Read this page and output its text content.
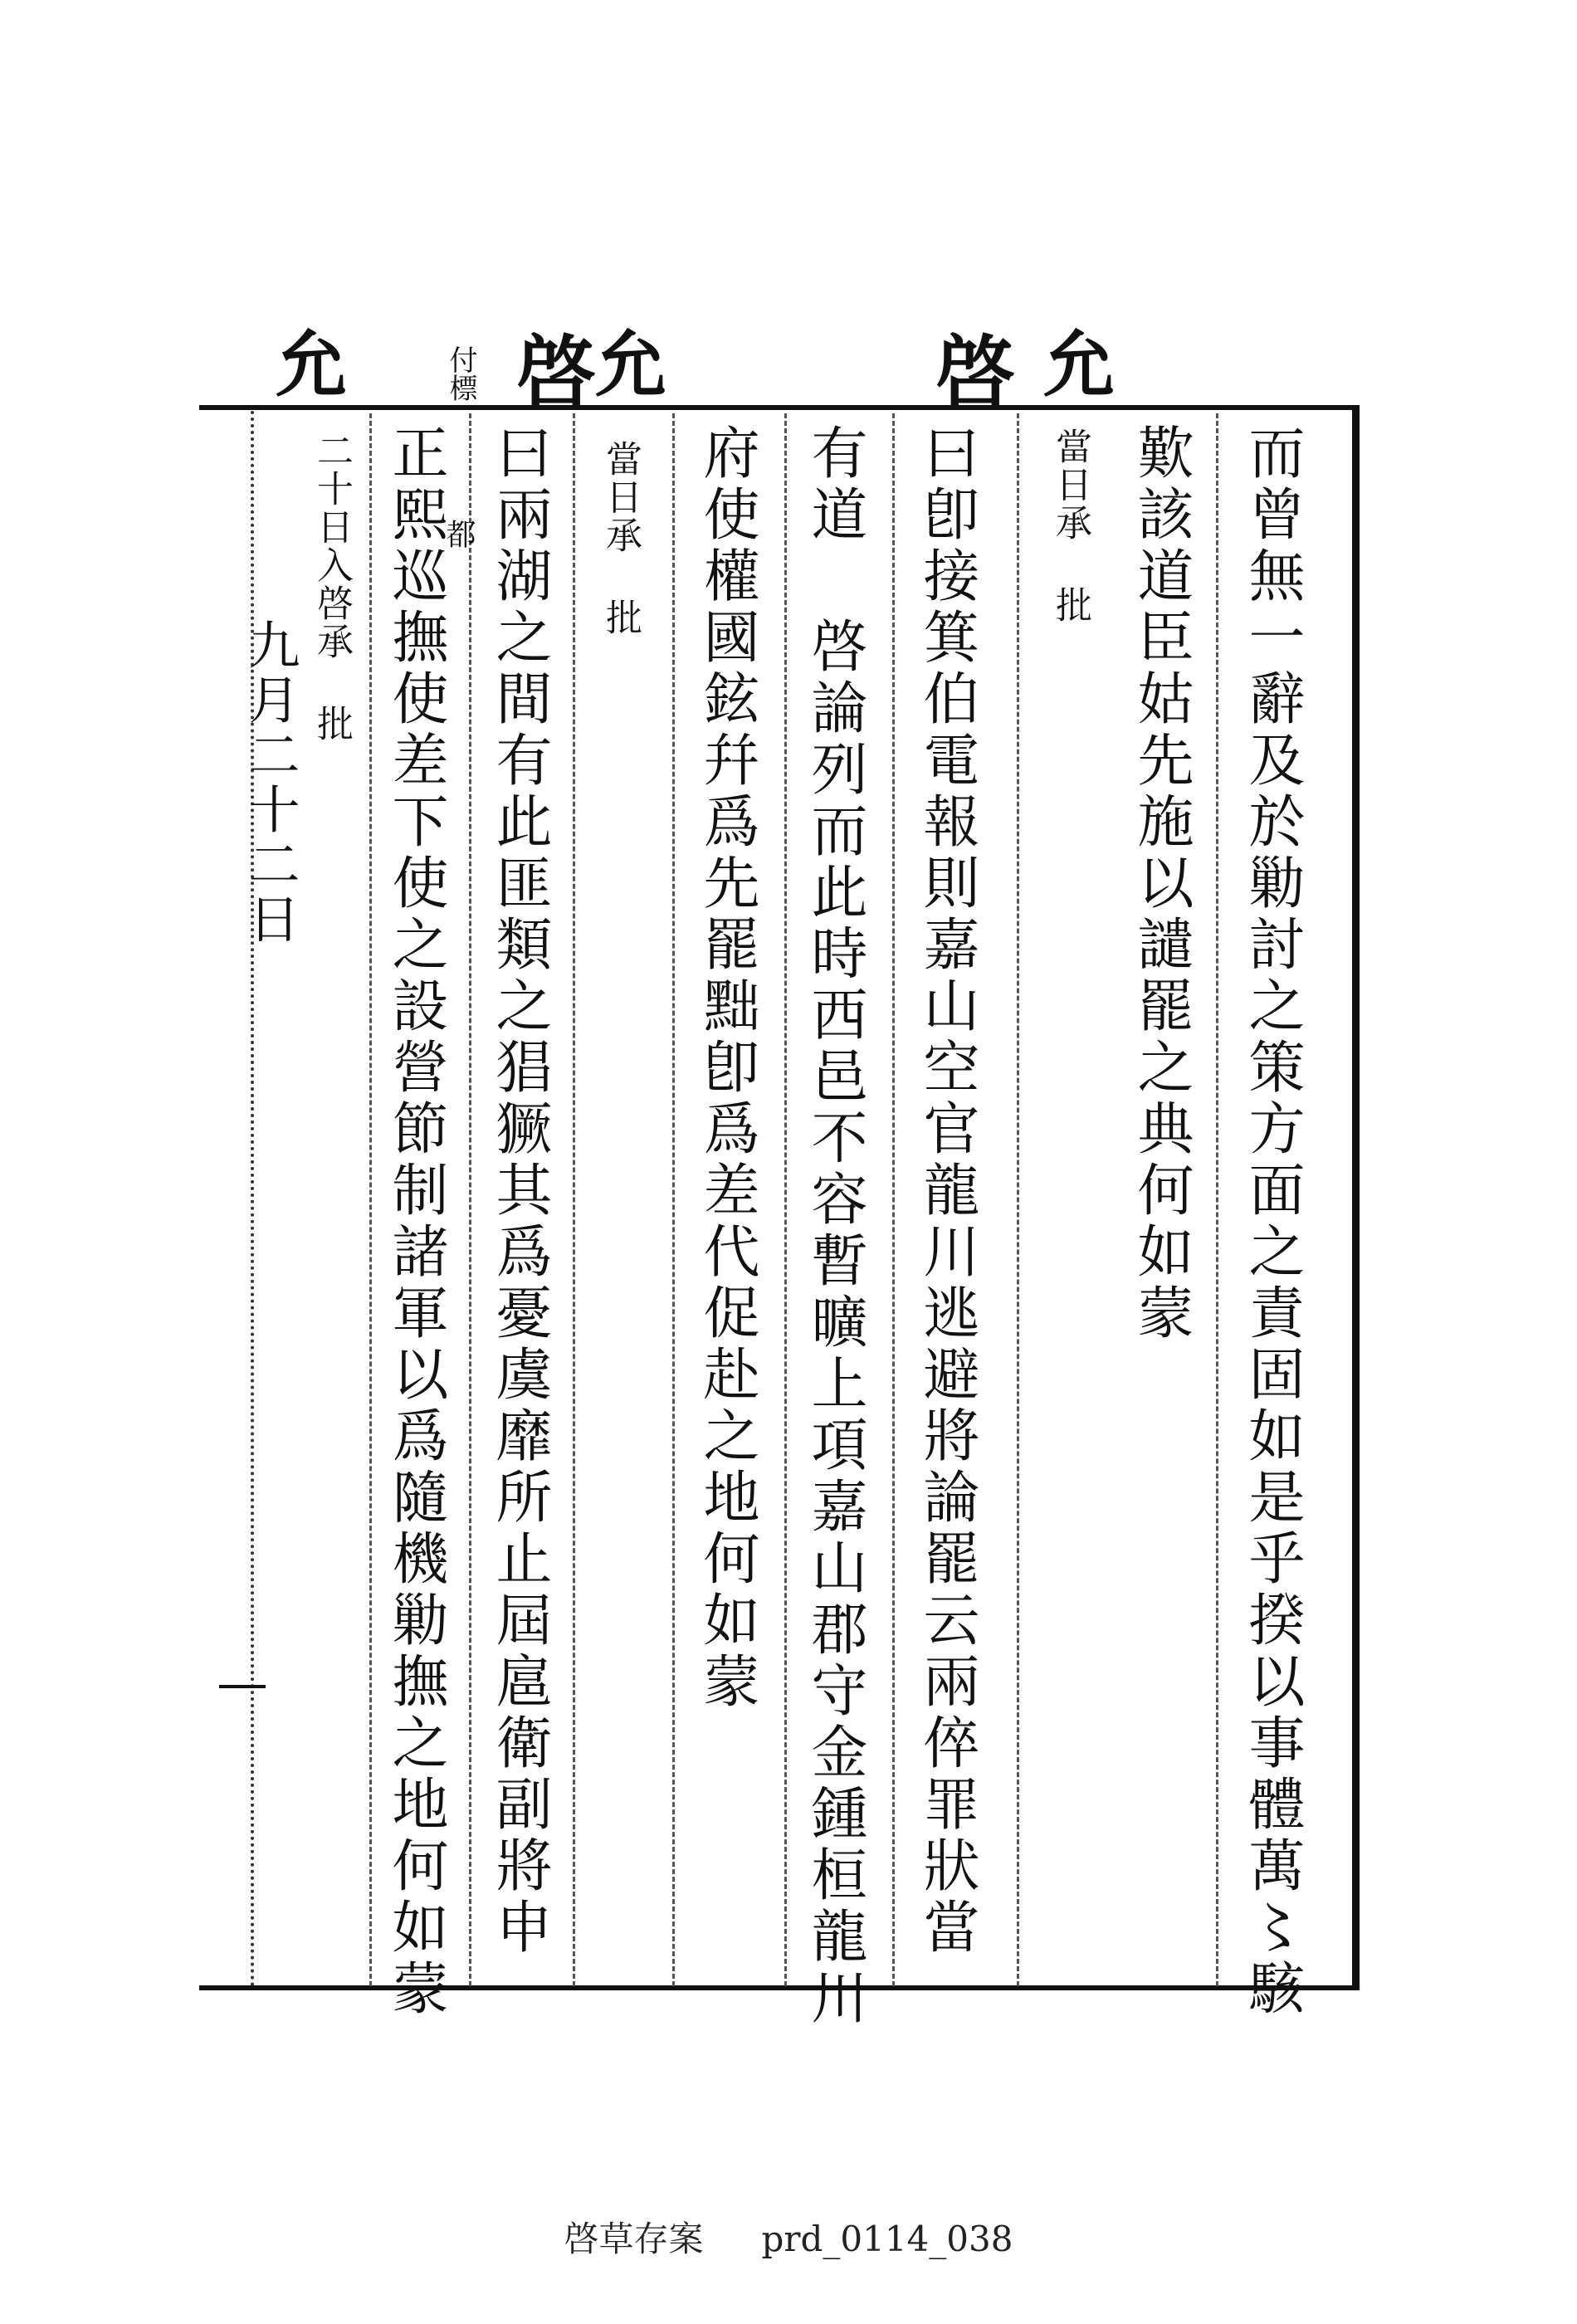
允
啓
允
啓
付標
允
而曾無一辭及於勦討之策方面之責固如是乎揆以事體萬〻駭
歎該道臣姑先施以譴罷之典何如蒙
當日承 批
曰卽接箕伯電報則嘉山空官龍川逃避將論罷云兩倅罪狀當
有道 啓論列而此時西邑不容暫曠上項嘉山郡守金鍾桓龍川
府使權國鉉幷爲先罷黜卽爲差代促赴之地何如蒙
當日承 批
曰兩湖之間有此匪類之猖獗其爲憂虞靡所止屆扈衛副將申
正熙巡撫使差下使之設營節制諸軍以爲隨機勦撫之地何如蒙
都
二十日入啓承 批
九月二十二日
啓草存案 prd_0114_038
